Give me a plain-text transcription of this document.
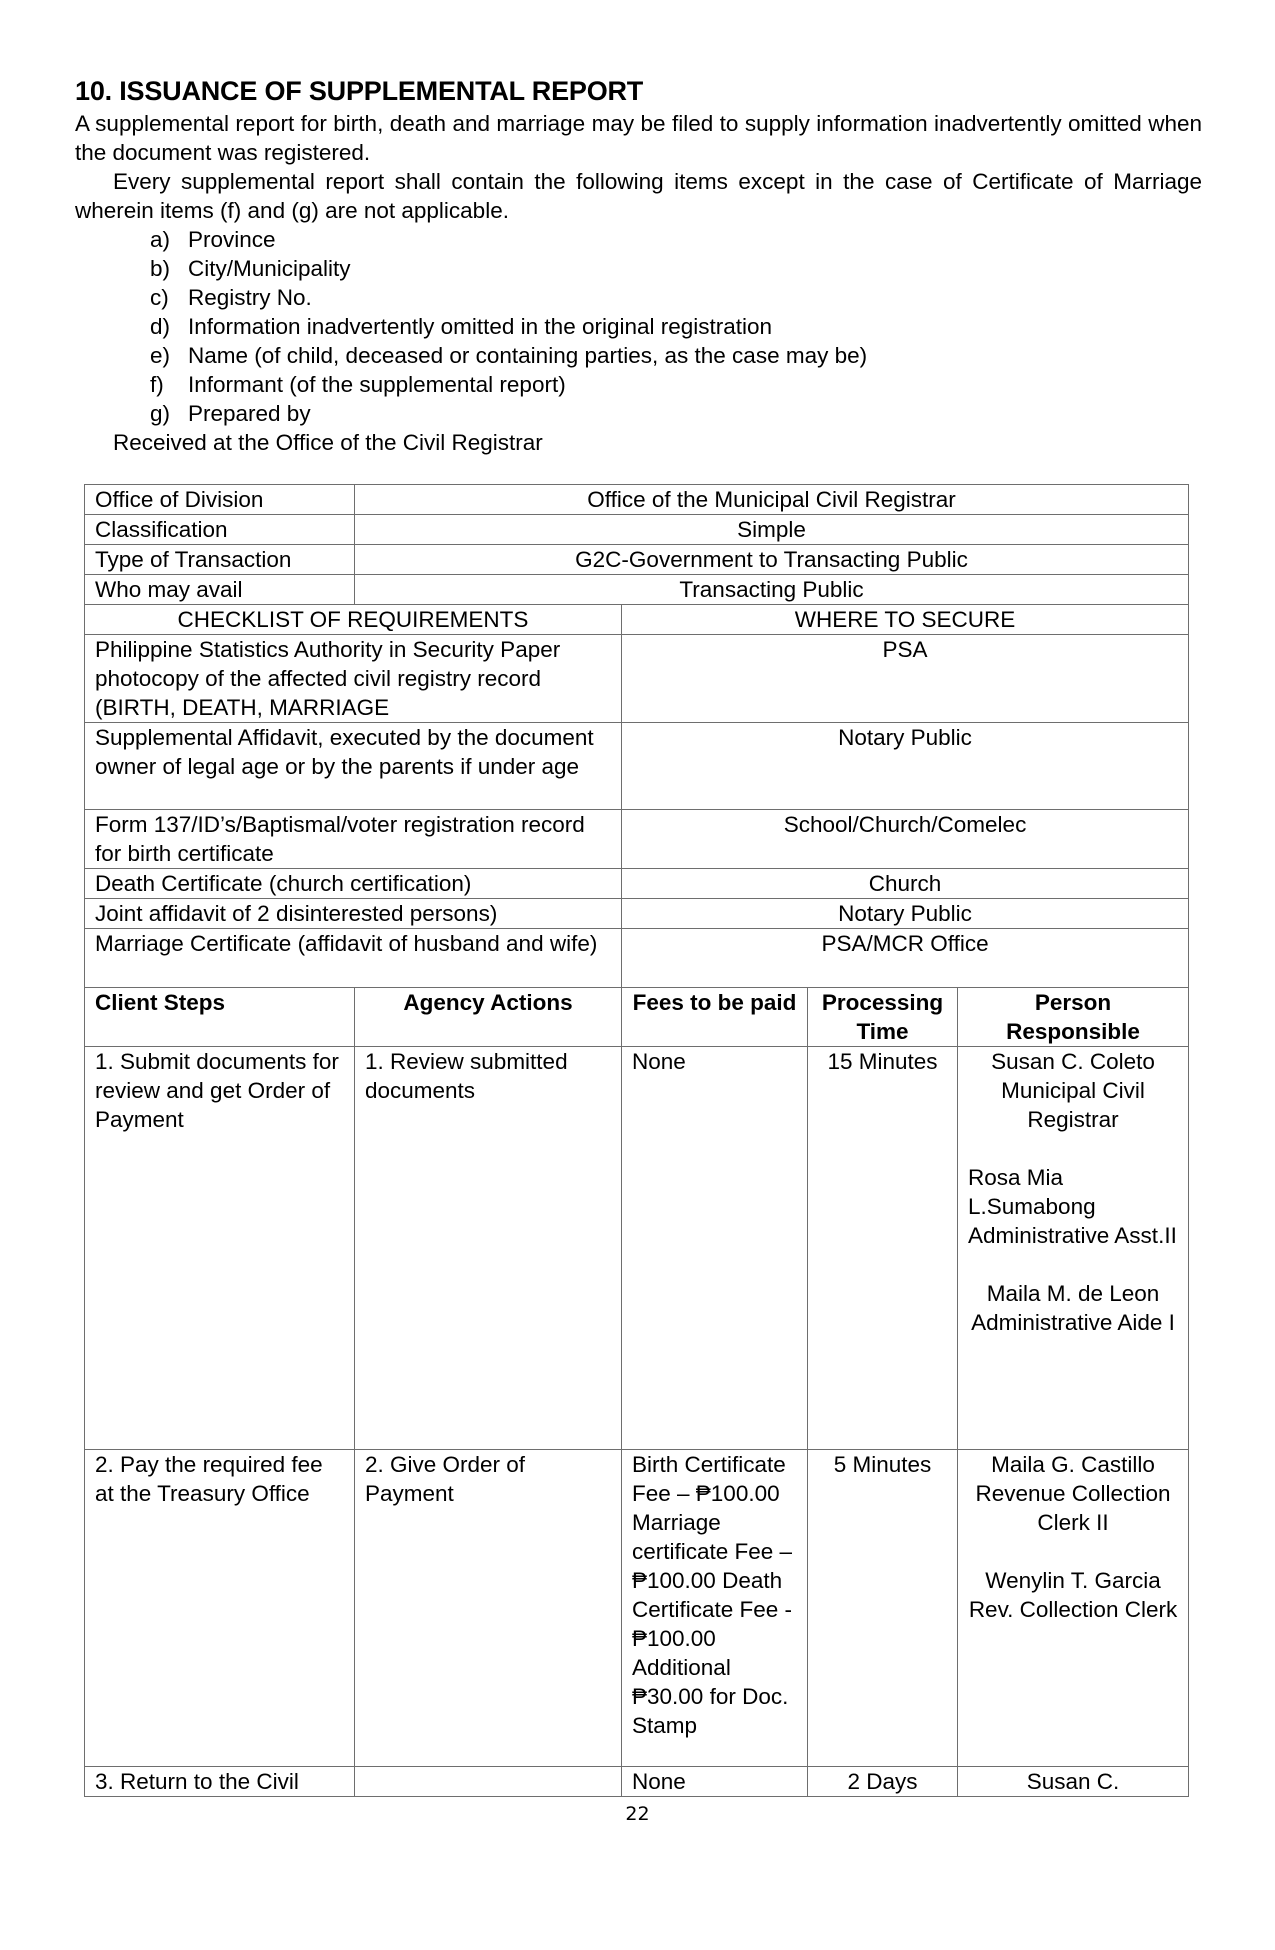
10. ISSUANCE OF SUPPLEMENTAL REPORT
A supplemental report for birth, death and marriage may be filed to supply information inadvertently omitted when the document was registered.
Every supplemental report shall contain the following items except in the case of Certificate of Marriage wherein items (f) and (g) are not applicable.
a) Province
b) City/Municipality
c) Registry No.
d) Information inadvertently omitted in the original registration
e) Name (of child, deceased or containing parties, as the case may be)
f) Informant (of the supplemental report)
g) Prepared by
Received at the Office of the Civil Registrar
Office of Division	Office of the Municipal Civil Registrar			
Classification	Simple			
Type of Transaction	G2C-Government to Transacting Public			
Who may avail	Transacting Public			
CHECKLIST OF REQUIREMENTS		WHERE TO SECURE		
Philippine Statistics Authority in Security Paper photocopy of the affected civil registry record (BIRTH, DEATH, MARRIAGE		PSA		
Supplemental Affidavit, executed by the document owner of legal age or by the parents if under age		Notary Public		
Form 137/ID’s/Baptismal/voter registration record for birth certificate		School/Church/Comelec		
Death Certificate (church certification)		Church		
Joint affidavit of 2 disinterested persons)		Notary Public		
Marriage Certificate (affidavit of husband and wife)		PSA/MCR Office		
Client Steps	Agency Actions	Fees to be paid	Processing Time	Person Responsible
1. Submit documents for review and get Order of Payment	1. Review submitted documents	None	15 Minutes	Susan C. Coleto
Municipal Civil Registrar
Rosa Mia L.Sumabong
Administrative Asst.II
Maila M. de Leon
Administrative Aide I

2. Pay the required fee at the Treasury Office	2. Give Order of Payment	Birth Certificate Fee – ₱100.00 Marriage certificate Fee – ₱100.00 Death Certificate Fee - ₱100.00 Additional ₱30.00 for Doc. Stamp	5 Minutes	Maila G. Castillo
Revenue Collection Clerk II
Wenylin T. Garcia
Rev. Collection Clerk

3. Return to the Civil		None	2 Days	Susan C.
22
